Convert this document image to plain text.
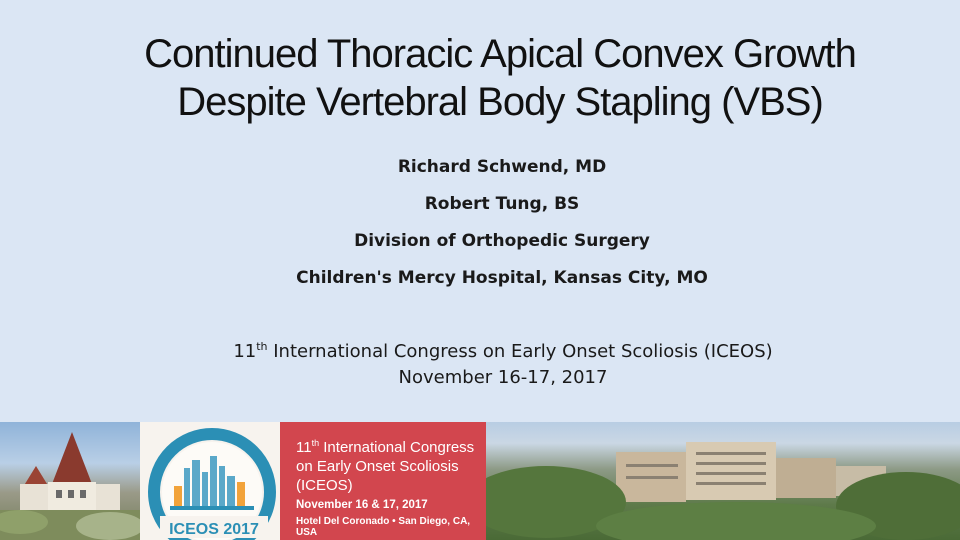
Continued Thoracic Apical Convex Growth
Despite Vertebral Body Stapling (VBS)
Richard Schwend, MD
Robert Tung, BS
Division of Orthopedic Surgery
Children's Mercy Hospital, Kansas City, MO
11th International Congress on Early Onset Scoliosis (ICEOS)
November 16-17, 2017
ICEOS 2017
11th International Congress on Early Onset Scoliosis (ICEOS)
November 16 & 17, 2017
Hotel Del Coronado • San Diego, CA, USA
